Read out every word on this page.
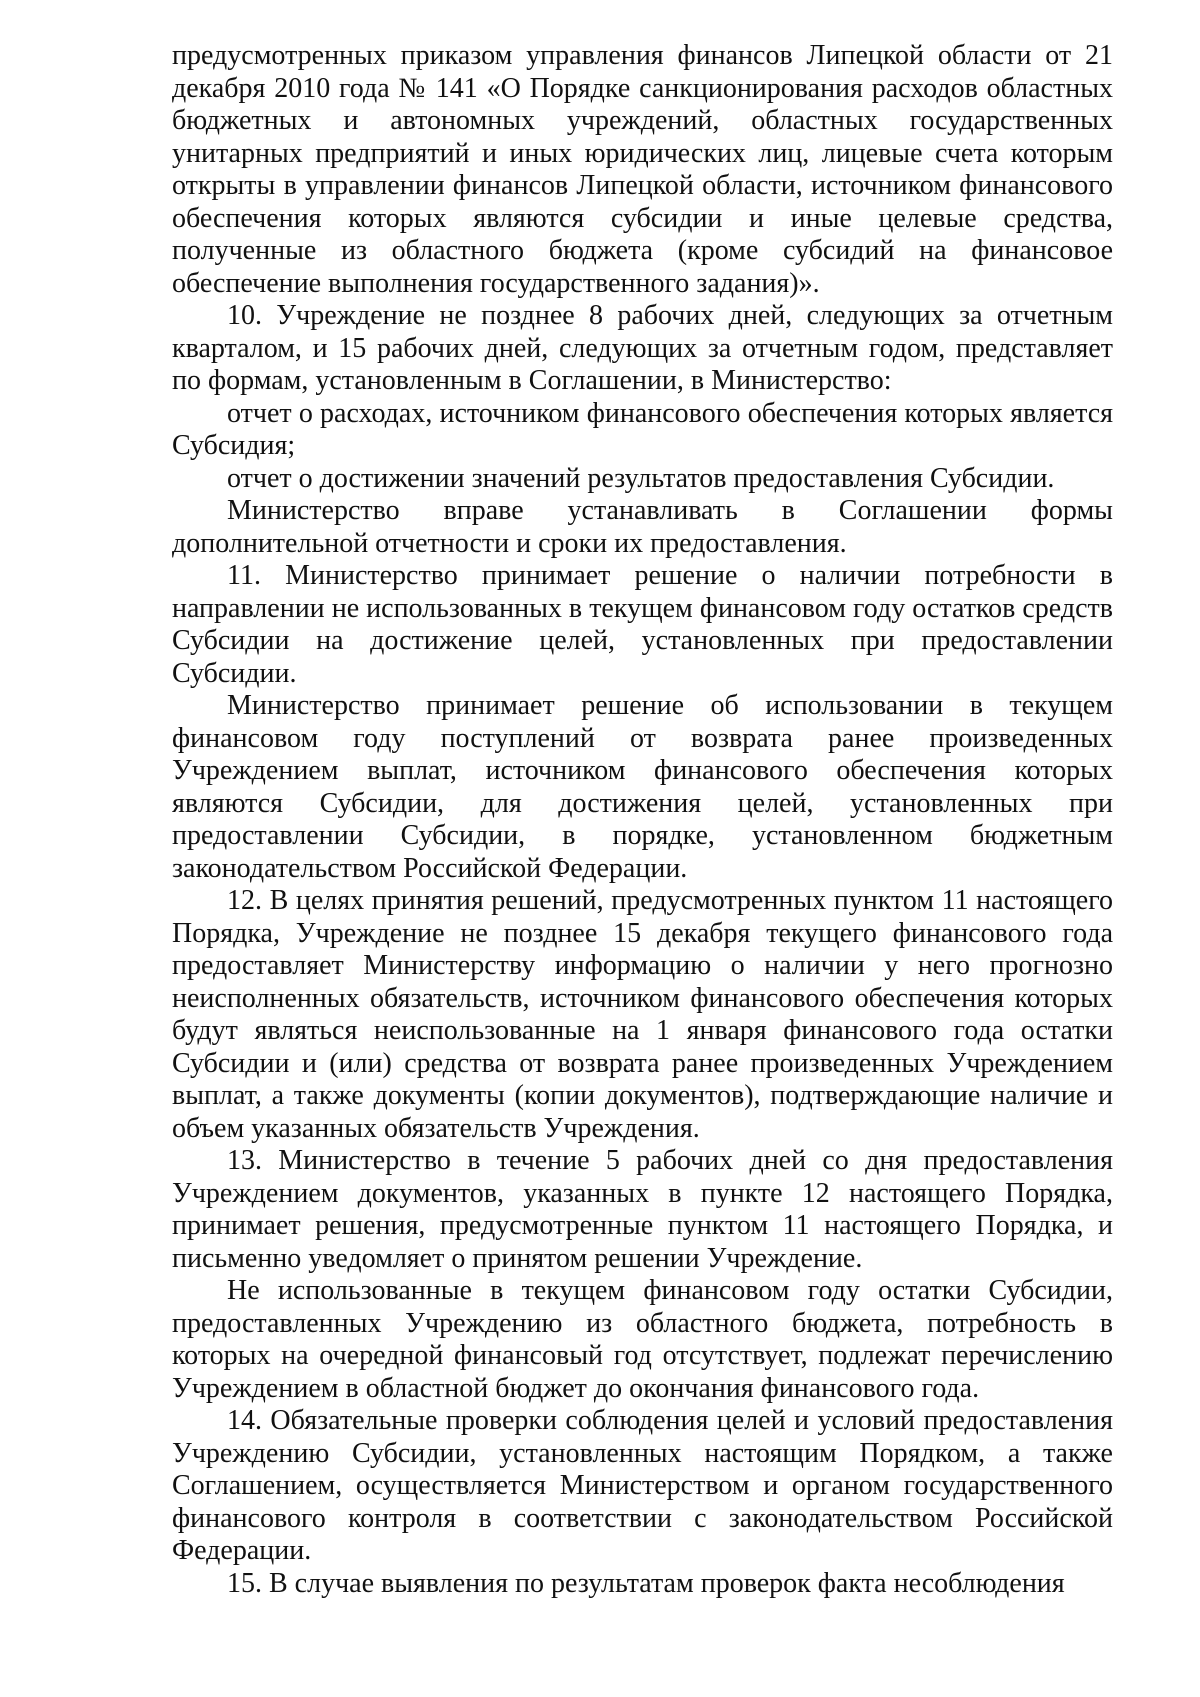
предусмотренных приказом управления финансов Липецкой области от 21 декабря 2010 года № 141 «О Порядке санкционирования расходов областных бюджетных и автономных учреждений, областных государственных унитарных предприятий и иных юридических лиц, лицевые счета которым открыты в управлении финансов Липецкой области, источником финансового обеспечения которых являются субсидии и иные целевые средства, полученные из областного бюджета (кроме субсидий на финансовое обеспечение выполнения государственного задания)».

10. Учреждение не позднее 8 рабочих дней, следующих за отчетным кварталом, и 15 рабочих дней, следующих за отчетным годом, представляет по формам, установленным в Соглашении, в Министерство:

отчет о расходах, источником финансового обеспечения которых является Субсидия;

отчет о достижении значений результатов предоставления Субсидии.

Министерство вправе устанавливать в Соглашении формы дополнительной отчетности и сроки их предоставления.

11. Министерство принимает решение о наличии потребности в направлении не использованных в текущем финансовом году остатков средств Субсидии на достижение целей, установленных при предоставлении Субсидии.

Министерство принимает решение об использовании в текущем финансовом году поступлений от возврата ранее произведенных Учреждением выплат, источником финансового обеспечения которых являются Субсидии, для достижения целей, установленных при предоставлении Субсидии, в порядке, установленном бюджетным законодательством Российской Федерации.

12. В целях принятия решений, предусмотренных пунктом 11 настоящего Порядка, Учреждение не позднее 15 декабря текущего финансового года предоставляет Министерству информацию о наличии у него прогнозно неисполненных обязательств, источником финансового обеспечения которых будут являться неиспользованные на 1 января финансового года остатки Субсидии и (или) средства от возврата ранее произведенных Учреждением выплат, а также документы (копии документов), подтверждающие наличие и объем указанных обязательств Учреждения.

13. Министерство в течение 5 рабочих дней со дня предоставления Учреждением документов, указанных в пункте 12 настоящего Порядка, принимает решения, предусмотренные пунктом 11 настоящего Порядка, и письменно уведомляет о принятом решении Учреждение.

Не использованные в текущем финансовом году остатки Субсидии, предоставленных Учреждению из областного бюджета, потребность в которых на очередной финансовый год отсутствует, подлежат перечислению Учреждением в областной бюджет до окончания финансового года.

14. Обязательные проверки соблюдения целей и условий предоставления Учреждению Субсидии, установленных настоящим Порядком, а также Соглашением, осуществляется Министерством и органом государственного финансового контроля в соответствии с законодательством Российской Федерации.

15. В случае выявления по результатам проверок факта несоблюдения
